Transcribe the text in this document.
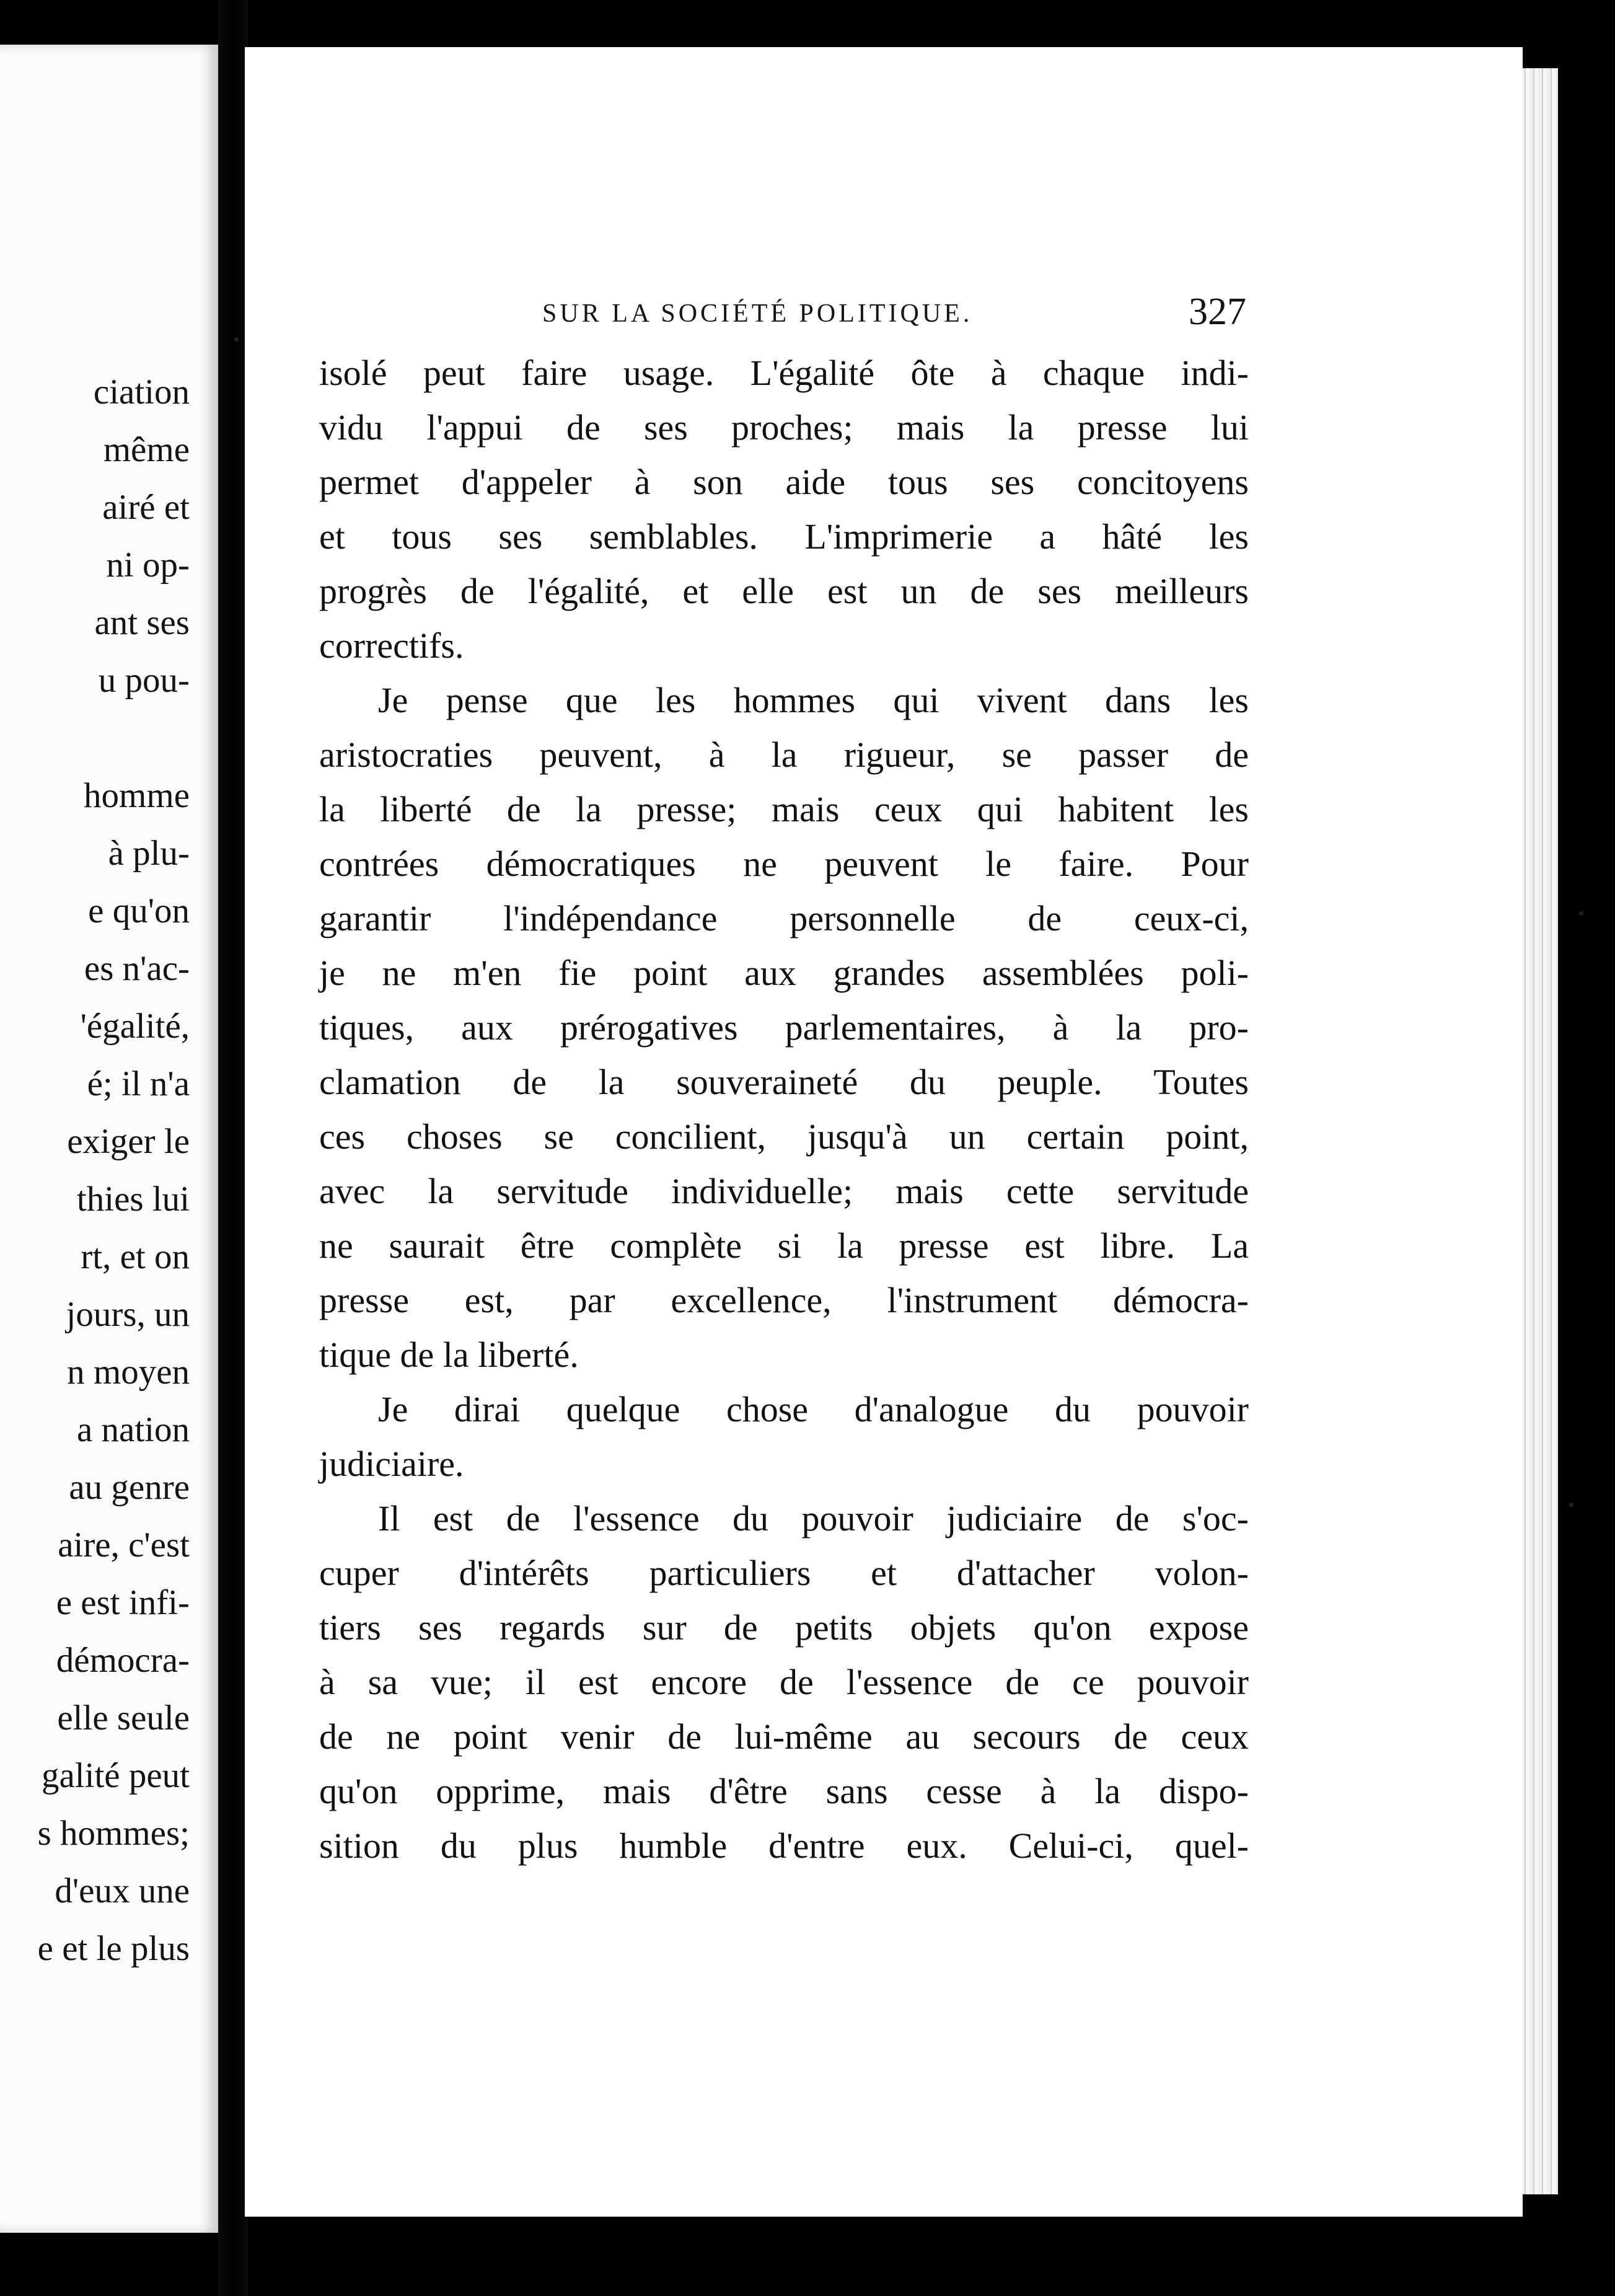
ciation
même
airé et
ni op-
ant ses
u pou-
homme
à plu-
e qu'on
es n'ac-
'égalité,
é; il n'a
exiger le
thies lui
rt, et on
jours, un
n moyen
a nation
au genre
aire, c'est
e est infi-
démocra-
elle seule
galité peut
s hommes;
d'eux une
e et le plus
SUR LA SOCIÉTÉ POLITIQUE.	327
isolé peut faire usage. L'égalité ôte à chaque indi-
vidu l'appui de ses proches; mais la presse lui
permet d'appeler à son aide tous ses concitoyens
et tous ses semblables. L'imprimerie a hâté les
progrès de l'égalité, et elle est un de ses meilleurs
correctifs.
Je pense que les hommes qui vivent dans les
aristocraties peuvent, à la rigueur, se passer de
la liberté de la presse; mais ceux qui habitent les
contrées démocratiques ne peuvent le faire. Pour
garantir l'indépendance personnelle de ceux-ci,
je ne m'en fie point aux grandes assemblées poli-
tiques, aux prérogatives parlementaires, à la pro-
clamation de la souveraineté du peuple. Toutes
ces choses se concilient, jusqu'à un certain point,
avec la servitude individuelle; mais cette servitude
ne saurait être complète si la presse est libre. La
presse est, par excellence, l'instrument démocra-
tique de la liberté.
Je dirai quelque chose d'analogue du pouvoir
judiciaire.
Il est de l'essence du pouvoir judiciaire de s'oc-
cuper d'intérêts particuliers et d'attacher volon-
tiers ses regards sur de petits objets qu'on expose
à sa vue; il est encore de l'essence de ce pouvoir
de ne point venir de lui-même au secours de ceux
qu'on opprime, mais d'être sans cesse à la dispo-
sition du plus humble d'entre eux. Celui-ci, quel-
